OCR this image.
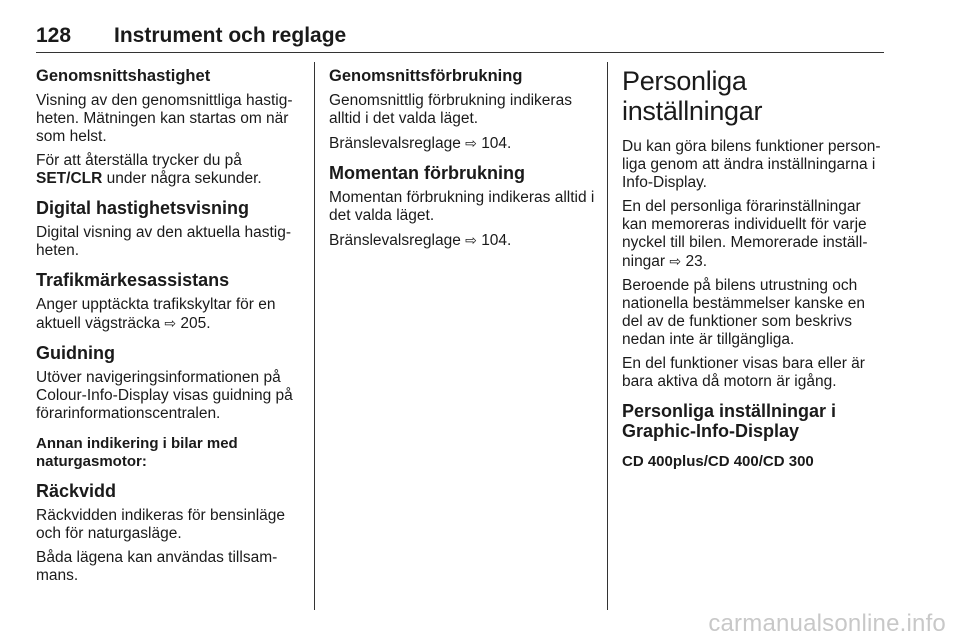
128 Instrument och reglage
Genomsnittshastighet

Visning av den genomsnittliga hastigheten. Mätningen kan startas om när som helst.

För att återställa trycker du på
SET/CLR under några sekunder.

Digital hastighetsvisning

Digital visning av den aktuella hastigheten.

Trafikmärkesassistans

Anger upptäckta trafikskyltar för en aktuell vägsträcka ⇨ 205.

Guidning

Utöver navigeringsinformationen på Colour-Info-Display visas guidning på förarinformationscentralen.

Annan indikering i bilar med naturgasmotor:
Räckvidd

Räckvidden indikeras för bensinläge och för naturgasläge.

Båda lägena kan användas tillsammans.

Genomsnittsförbrukning

Genomsnittlig förbrukning indikeras alltid i det valda läget.

Bränslevalsreglage ⇨ 104.

Momentan förbrukning

Momentan förbrukning indikeras alltid i det valda läget.

Bränslevalsreglage ⇨ 104.

Personliga inställningar

Du kan göra bilens funktioner personliga genom att ändra inställningarna i Info-Display.

En del personliga förarinställningar kan memoreras individuellt för varje nyckel till bilen. Memorerade inställningar ⇨ 23.

Beroende på bilens utrustning och nationella bestämmelser kanske en del av de funktioner som beskrivs nedan inte är tillgängliga.

En del funktioner visas bara eller är bara aktiva då motorn är igång.

Personliga inställningar i Graphic-Info-Display
CD 400plus/CD 400/CD 300
carmanualsonline.info
